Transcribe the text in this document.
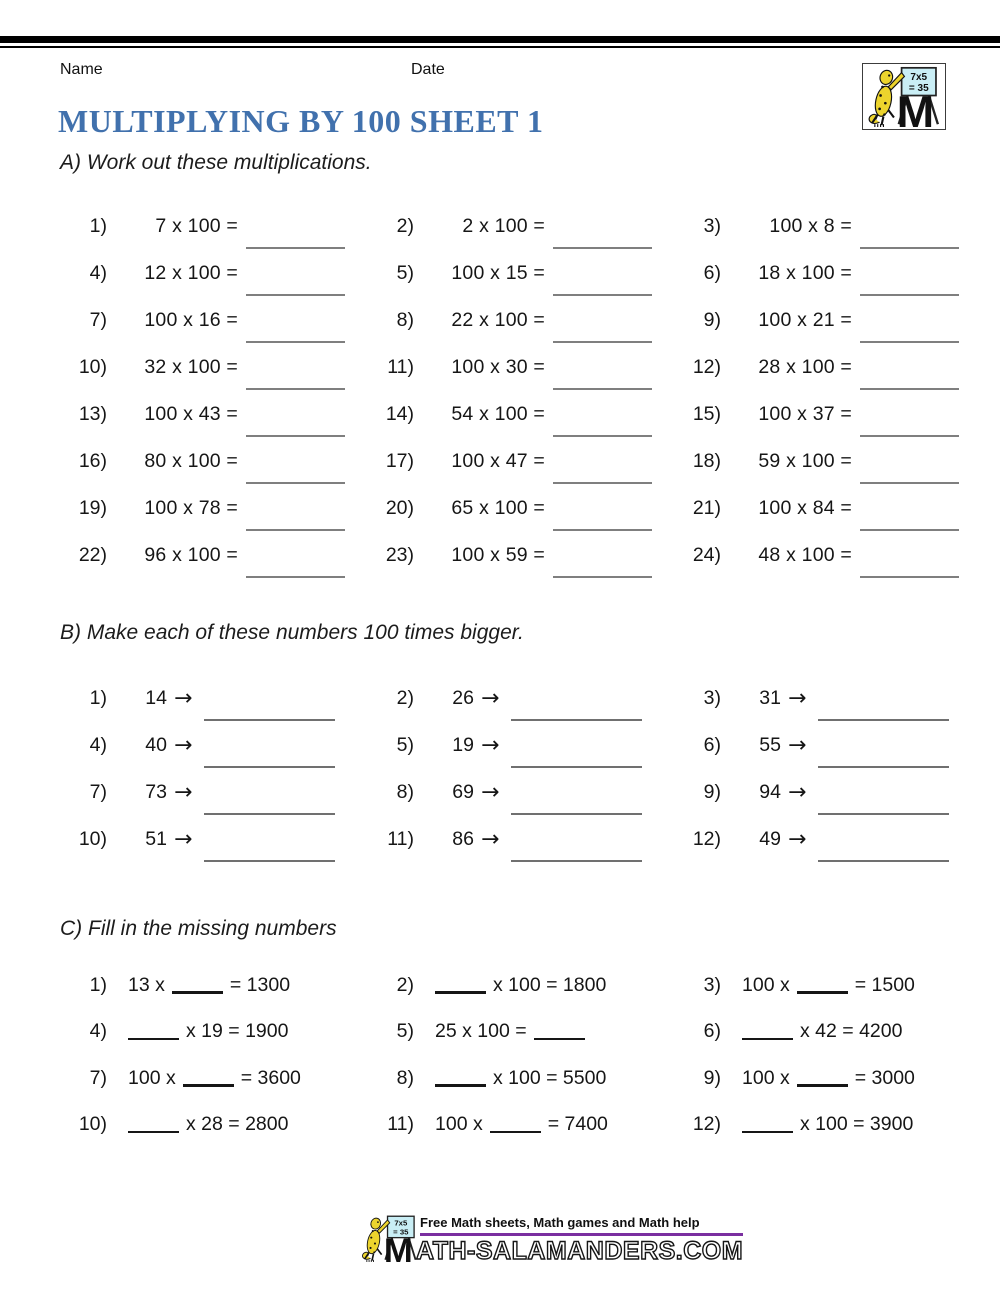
Name	Date
MULTIPLYING BY 100 SHEET 1
A) Work out these multiplications.
1)	7 x 100 =	2)	2 x 100 =	3)	100 x 8 =
4)	12 x 100 =	5)	100 x 15 =	6)	18 x 100 =
7)	100 x 16 =	8)	22 x 100 =	9)	100 x 21 =
10)	32 x 100 =	11)	100 x 30 =	12)	28 x 100 =
13)	100 x 43 =	14)	54 x 100 =	15)	100 x 37 =
16)	80 x 100 =	17)	100 x 47 =	18)	59 x 100 =
19)	100 x 78 =	20)	65 x 100 =	21)	100 x 84 =
22)	96 x 100 =	23)	100 x 59 =	24)	48 x 100 =
B) Make each of these numbers 100 times bigger.
1)	14 →	2)	26 →	3)	31 →
4)	40 →	5)	19 →	6)	55 →
7)	73 →	8)	69 →	9)	94 →
10)	51 →	11)	86 →	12)	49 →
C) Fill in the missing numbers
1) 13 x	= 1300	2)	x 100 = 1800	3) 100 x	= 1500
4)	x 19 = 1900	5) 25 x 100 =	6)	x 42 = 4200
7) 100 x	= 3600	8)	x 100 = 5500	9) 100 x	= 3000
10)	x 28 = 2800	11) 100 x	= 7400	12)	x 100 = 3900
Free Math sheets, Math games and Math help
ATH-SALAMANDERS.COM
